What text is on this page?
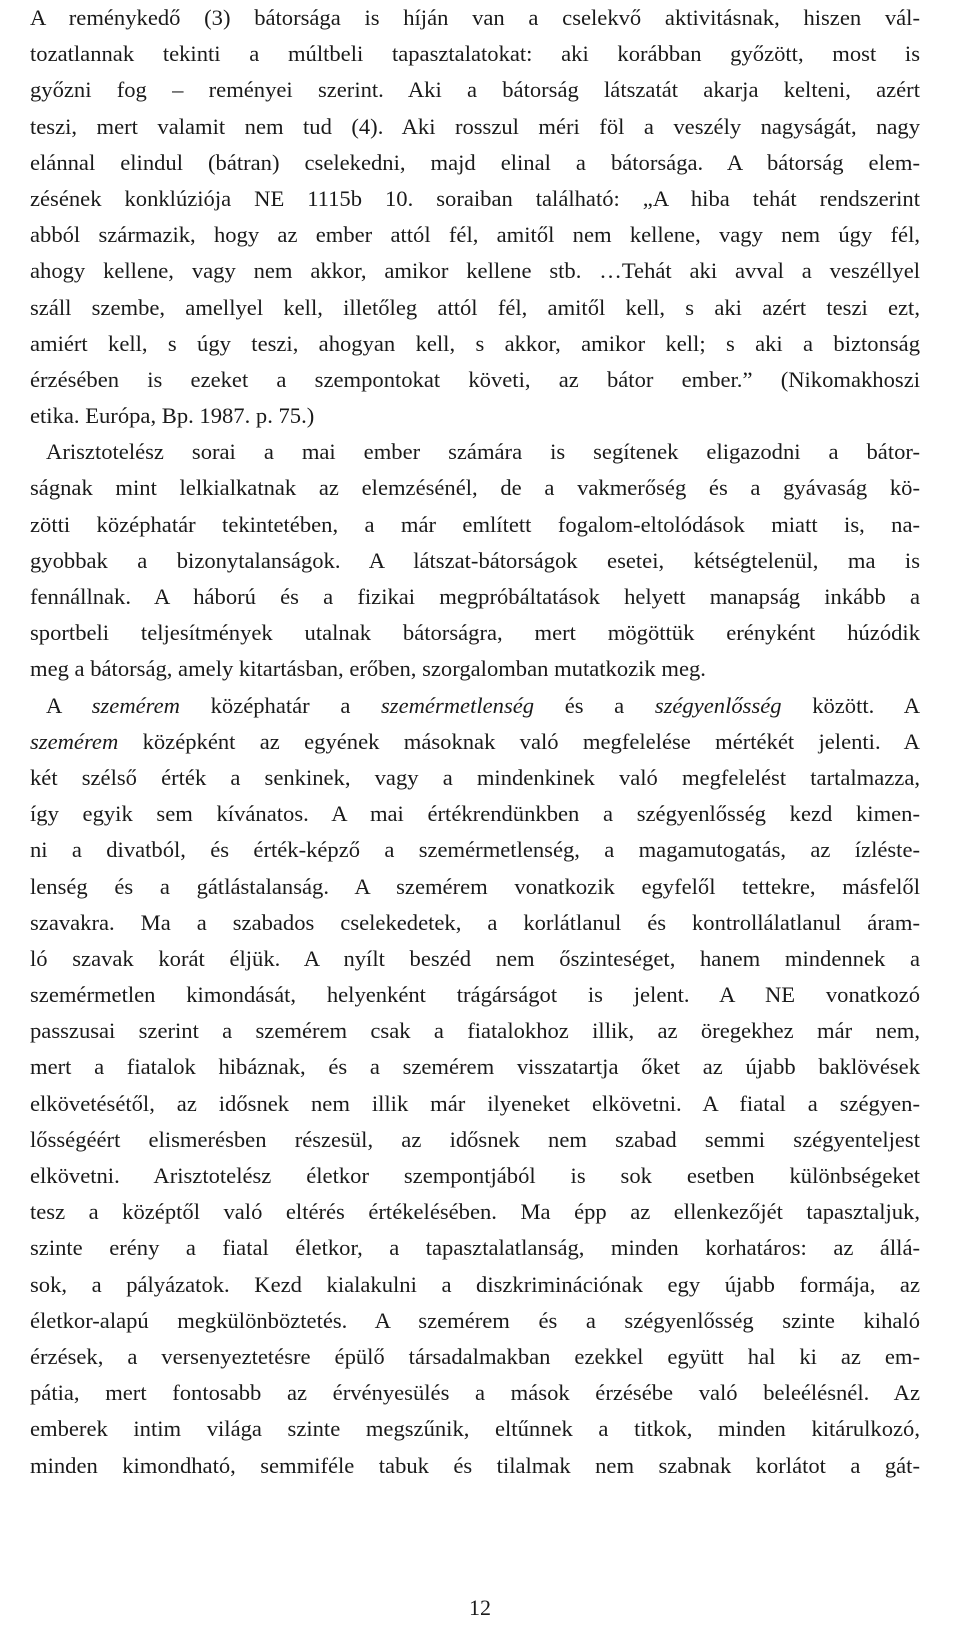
A reménykedő (3) bátorsága is híján van a cselekvő aktivitásnak, hiszen vál-
tozatlannak tekinti a múltbeli tapasztalatokat: aki korábban győzött, most is
győzni fog – reményei szerint. Aki a bátorság látszatát akarja kelteni, azért
teszi, mert valamit nem tud (4). Aki rosszul méri föl a veszély nagyságát, nagy
elánnal elindul (bátran) cselekedni, majd elinal a bátorsága. A bátorság elem-
zésének konklúziója NE 1115b 10. soraiban található: „A hiba tehát rendszerint
abból származik, hogy az ember attól fél, amitől nem kellene, vagy nem úgy fél,
ahogy kellene, vagy nem akkor, amikor kellene stb. …Tehát aki avval a veszéllyel
száll szembe, amellyel kell, illetőleg attól fél, amitől kell, s aki azért teszi ezt,
amiért kell, s úgy teszi, ahogyan kell, s akkor, amikor kell; s aki a biztonság
érzésében is ezeket a szempontokat követi, az bátor ember.” (Nikomakhoszi
etika. Európa, Bp. 1987. p. 75.)
Arisztotelész sorai a mai ember számára is segítenek eligazodni a bátor-
ságnak mint lelkialkatnak az elemzésénél, de a vakmerőség és a gyávaság kö-
zötti középhatár tekintetében, a már említett fogalom-eltolódások miatt is, na-
gyobbak a bizonytalanságok. A látszat-bátorságok esetei, kétségtelenül, ma is
fennállnak. A háború és a fizikai megpróbáltatások helyett manapság inkább a
sportbeli teljesítmények utalnak bátorságra, mert mögöttük erényként húzódik
meg a bátorság, amely kitartásban, erőben, szorgalomban mutatkozik meg.
A szemérem középhatár a szemérmetlenség és a szégyenlősség között. A
szemérem középként az egyének másoknak való megfelelése mértékét jelenti. A
két szélső érték a senkinek, vagy a mindenkinek való megfelelést tartalmazza,
így egyik sem kívánatos. A mai értékrendünkben a szégyenlősség kezd kimen-
ni a divatból, és érték-képző a szemérmetlenség, a magamutogatás, az ízléste-
lenség és a gátlástalanság. A szemérem vonatkozik egyfelől tettekre, másfelől
szavakra. Ma a szabados cselekedetek, a korlátlanul és kontrollálatlanul áram-
ló szavak korát éljük. A nyílt beszéd nem őszinteséget, hanem mindennek a
szemérmetlen kimondását, helyenként trágárságot is jelent. A NE vonatkozó
passzusai szerint a szemérem csak a fiatalokhoz illik, az öregekhez már nem,
mert a fiatalok hibáznak, és a szemérem visszatartja őket az újabb baklövések
elkövetésétől, az idősnek nem illik már ilyeneket elkövetni. A fiatal a szégyen-
lősségéért elismerésben részesül, az idősnek nem szabad semmi szégyenteljest
elkövetni. Arisztotelész életkor szempontjából is sok esetben különbségeket
tesz a középtől való eltérés értékelésében. Ma épp az ellenkezőjét tapasztaljuk,
szinte erény a fiatal életkor, a tapasztalatlanság, minden korhatáros: az állá-
sok, a pályázatok. Kezd kialakulni a diszkriminációnak egy újabb formája, az
életkor-alapú megkülönböztetés. A szemérem és a szégyenlősség szinte kihaló
érzések, a versenyeztetésre épülő társadalmakban ezekkel együtt hal ki az em-
pátia, mert fontosabb az érvényesülés a mások érzésébe való beleélésnél. Az
emberek intim világa szinte megszűnik, eltűnnek a titkok, minden kitárulkozó,
minden kimondható, semmiféle tabuk és tilalmak nem szabnak korlátot a gát-
12
